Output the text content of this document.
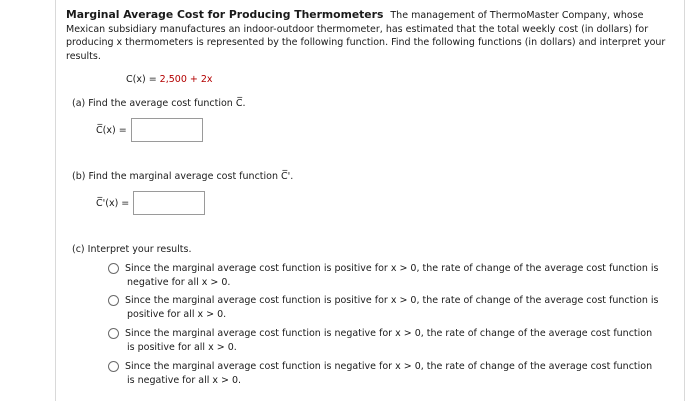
Marginal Average Cost for Producing Thermometers The management of ThermoMaster Company, whose Mexican subsidiary manufactures an indoor-outdoor thermometer, has estimated that the total weekly cost (in dollars) for producing x thermometers is represented by the following function. Find the following functions (in dollars) and interpret your results.
C(x) = 2,500 + 2x
(a) Find the average cost function C̅.
C̅(x) =
(b) Find the marginal average cost function C̅'.
C̅'(x) =
(c) Interpret your results.
Since the marginal average cost function is positive for x > 0, the rate of change of the average cost function is
negative for all x > 0.
Since the marginal average cost function is positive for x > 0, the rate of change of the average cost function is
positive for all x > 0.
Since the marginal average cost function is negative for x > 0, the rate of change of the average cost function
is positive for all x > 0.
Since the marginal average cost function is negative for x > 0, the rate of change of the average cost function
is negative for all x > 0.
